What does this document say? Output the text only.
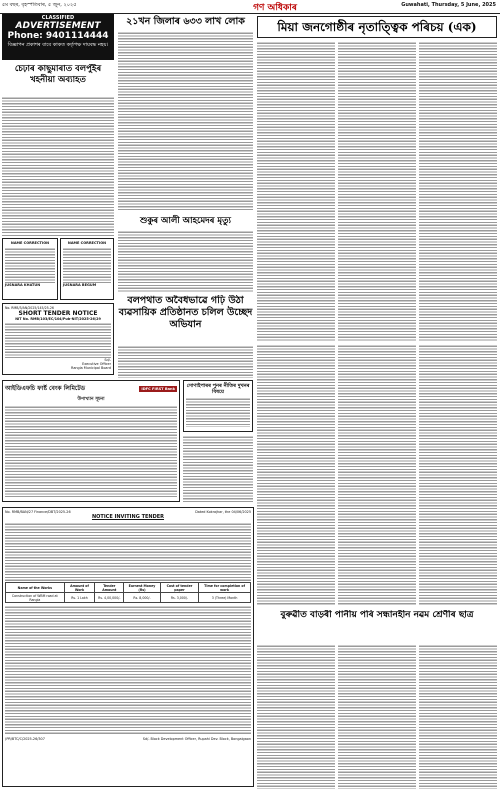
৫ম বছৰ, বৃহস্পতিবাৰ, ৫ জুন, ২০২৫	গণ অধিকাৰ	Guwahati, Thursday, 5 June, 2025
CLASSIFIED
ADVERTISEMENT
Phone: 9401114444
বিজ্ঞাপন প্ৰকাশৰ বাবে কাকত কৰ্তৃপক্ষ দায়বদ্ধ নহয়।
২১খন জিলাৰ ৬৩৩ লাখ লোক	মিয়া জনগোষ্ঠীৰ নৃতাত্ত্বিক পৰিচয় (এক)
চেঢ়াৰ কাছুমাৰাত বলপুঁইৰ খহনীয়া অব্যাহত
শুকুৰ আলী আহমেদৰ মৃত্যু
NAME CORRECTION
JUSNARA KHATUN
NAME CORRECTION
JUSNARA BEGUM
No. RMB/3/AN/2025/145/25-26
SHORT TENDER NOTICE
NIT No. RMB/103/EC/104/Pub-NIT/2025-26/29
Sd/-
Executive Officer
Rangia Municipal Board
বলপথাত অবৈধভাৱে গঢ়ি উঠা ব্যৱসায়িক প্ৰতিষ্ঠানত চলিল উচ্ছেদ অভিযান
আইডিএফচি ফাৰ্ষ্ট বেংক লিমিটেড	IDFC FIRST Bank
উপাখ্যান সূচনা
সোণাইপাৰৰ পুনৰ নীতিৰ দুখনৰ বিষয়ে
No. RMB/BAN/27 Finance/DBT/2025-26	Dated Kokrajhar, the 04/06/2025
NOTICE INVITING TENDER
Name of the Works	Amount of Work	Tender Amount	Earnest Money (Rs)	Cost of tender paper	Time for completion of work
Construction of WBM road at Rangia	Rs. 1 Lakh	Rs. 4,00,000/-	Rs. 8,000/-	Rs. 3,000/-	3 (Three) Month
(PR/BTC/C/2025-26/307	Sd/- Block Development Officer, Rupahi Dev. Block, Bongaigaon
বুৰুৱীত বাড়ৰী পানীয় পৰি সন্ধানহীন নৱম শ্ৰেণীৰ ছাত্ৰ
